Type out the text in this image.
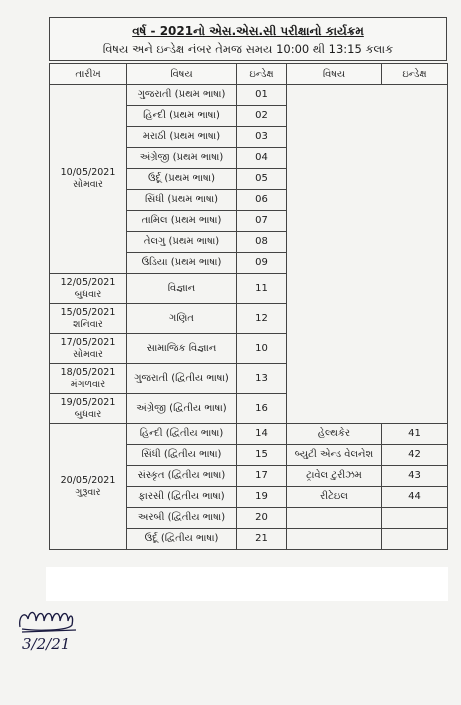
વર્ષ - 2021નો એસ.એસ.સી પરીક્ષાનો કાર્યક્રમ
વિષય અને ઇન્ડેક્ષ નંબર તેમજ સમય 10:00 થી 13:15 કલાક
તારીખ	વિષય	ઇન્ડેક્ષ	વિષય	ઇન્ડેક્ષ

10/05/2021
સોમવાર	ગુજરાતી (પ્રથમ ભાષા)	01		
	હિન્દી (પ્રથમ ભાષા)	02		
	મરાઠી (પ્રથમ ભાષા)	03		
	અંગ્રેજી (પ્રથમ ભાષા)	04		
	ઉર્દૂ (પ્રથમ ભાષા)	05		
	સિંધી (પ્રથમ ભાષા)	06		
	તામિલ (પ્રથમ ભાષા)	07		
	તેલગુ (પ્રથમ ભાષા)	08		
	ઉડિયા (પ્રથમ ભાષા)	09		

12/05/2021
બુધવાર	વિજ્ઞાન	11		

15/05/2021
શનિવાર	ગણિત	12		

17/05/2021
સોમવાર	સામાજિક વિજ્ઞાન	10		

18/05/2021
મંગળવાર	ગુજરાતી (દ્વિતીય ભાષા)	13		

19/05/2021
બુધવાર	અંગ્રેજી (દ્વિતીય ભાષા)	16		

20/05/2021
ગુરૂવાર	હિન્દી (દ્વિતીય ભાષા)	14	હેલ્થકેર	41
	સિંધી (દ્વિતીય ભાષા)	15	બ્યુટી એન્ડ વેલનેશ	42
	સંસ્કૃત (દ્વિતીય ભાષા)	17	ટ્રાવેલ ટુરીઝમ	43
	ફારસી (દ્વિતીય ભાષા)	19	રીટેઇલ	44
	અરબી (દ્વિતીય ભાષા)	20		
	ઉર્દૂ (દ્વિતીય ભાષા)	21		
3/2/21
